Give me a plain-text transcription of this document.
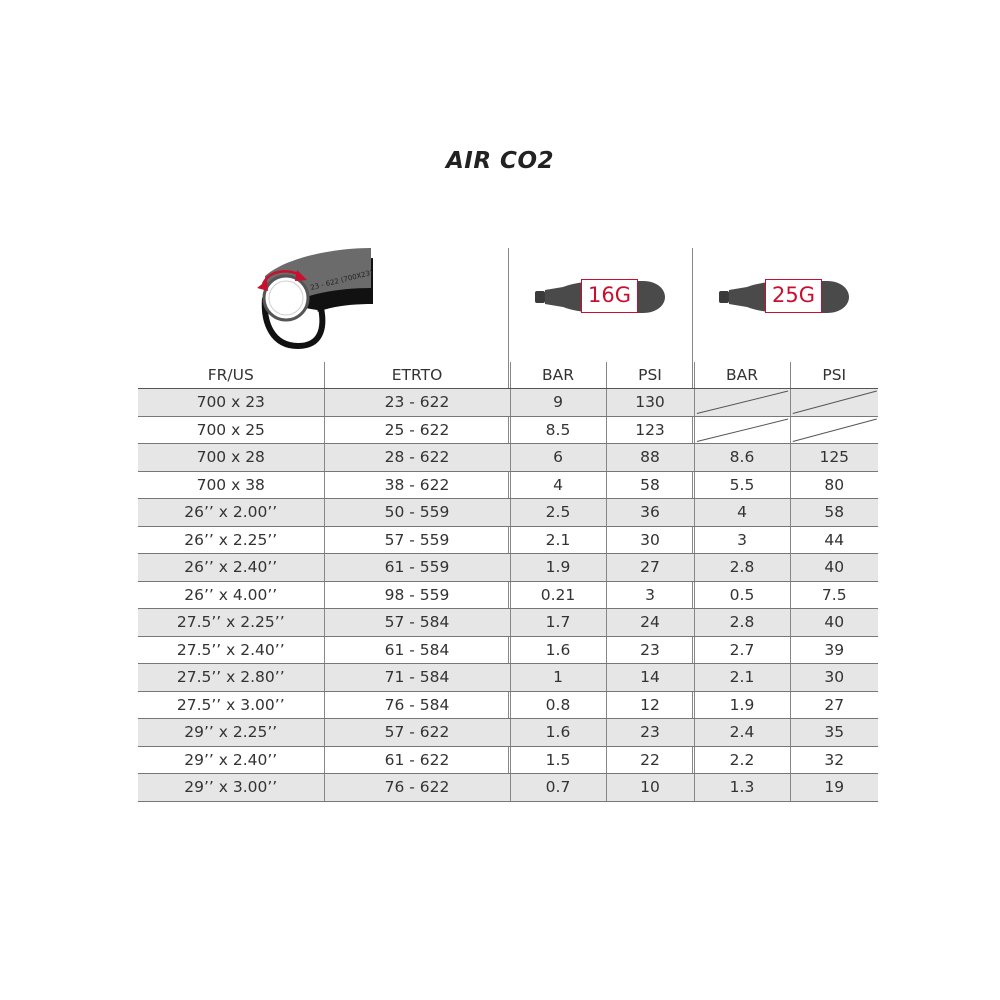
AIR CO2
23 - 622 (700X23)
16G	25G
FR/US	ETRTO	BAR	PSI	BAR	PSI
700 x 23	23 - 622	9	130	

700 x 25	25 - 622	8.5	123	

700 x 28	28 - 622	6	88	8.6	125
700 x 38	38 - 622	4	58	5.5	80
26’’ x 2.00’’	50 - 559	2.5	36	4	58
26’’ x 2.25’’	57 - 559	2.1	30	3	44
26’’ x 2.40’’	61 - 559	1.9	27	2.8	40
26’’ x 4.00’’	98 - 559	0.21	3	0.5	7.5
27.5’’ x 2.25’’	57 - 584	1.7	24	2.8	40
27.5’’ x 2.40’’	61 - 584	1.6	23	2.7	39
27.5’’ x 2.80’’	71 - 584	1	14	2.1	30
27.5’’ x 3.00’’	76 - 584	0.8	12	1.9	27
29’’ x 2.25’’	57 - 622	1.6	23	2.4	35
29’’ x 2.40’’	61 - 622	1.5	22	2.2	32
29’’ x 3.00’’	76 - 622	0.7	10	1.3	19
